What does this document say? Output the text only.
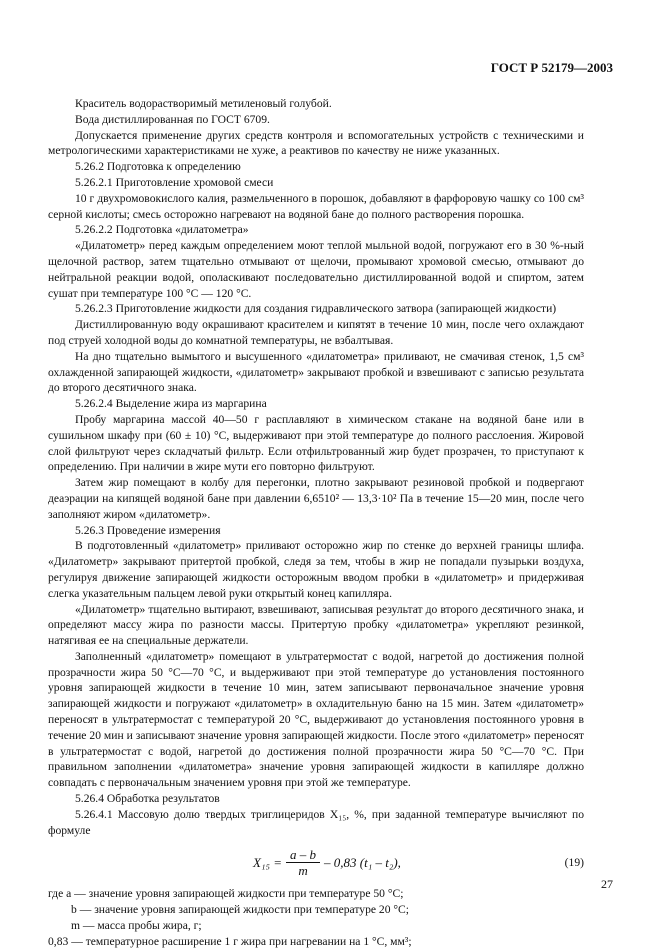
ГОСТ Р 52179—2003

Краситель водорастворимый метиленовый голубой.

Вода дистиллированная по ГОСТ 6709.

Допускается применение других средств контроля и вспомогательных устройств с техническими и метрологическими характеристиками не хуже, а реактивов по качеству не ниже указанных.

5.26.2 Подготовка к определению

5.26.2.1 Приготовление хромовой смеси

10 г двухромовокислого калия, размельченного в порошок, добавляют в фарфоровую чашку со 100 см³ серной кислоты; смесь осторожно нагревают на водяной бане до полного растворения порошка.

5.26.2.2 Подготовка «дилатометра»

«Дилатометр» перед каждым определением моют теплой мыльной водой, погружают его в 30 %-ный щелочной раствор, затем тщательно отмывают от щелочи, промывают хромовой смесью, отмывают до нейтральной реакции водой, ополаскивают последовательно дистиллированной водой и спиртом, затем сушат при температуре 100 °С — 120 °С.

5.26.2.3 Приготовление жидкости для создания гидравлического затвора (запирающей жидкости)

Дистиллированную воду окрашивают красителем и кипятят в течение 10 мин, после чего охлаждают под струей холодной воды до комнатной температуры, не взбалтывая.

На дно тщательно вымытого и высушенного «дилатометра» приливают, не смачивая стенок, 1,5 см³ охлажденной запирающей жидкости, «дилатометр» закрывают пробкой и взвешивают с записью результата до второго десятичного знака.

5.26.2.4 Выделение жира из маргарина

Пробу маргарина массой 40—50 г расплавляют в химическом стакане на водяной бане или в сушильном шкафу при (60 ± 10) °С, выдерживают при этой температуре до полного расслоения. Жировой слой фильтруют через складчатый фильтр. Если отфильтрованный жир будет прозрачен, то приступают к определению. При наличии в жире мути его повторно фильтруют.

Затем жир помещают в колбу для перегонки, плотно закрывают резиновой пробкой и подвергают деаэрации на кипящей водяной бане при давлении 6,6510² — 13,3·10² Па в течение 15—20 мин, после чего заполняют жиром «дилатометр».

5.26.3 Проведение измерения

В подготовленный «дилатометр» приливают осторожно жир по стенке до верхней границы шлифа. «Дилатометр» закрывают притертой пробкой, следя за тем, чтобы в жир не попадали пузырьки воздуха, регулируя движение запирающей жидкости осторожным вводом пробки в «дилатометр» и придерживая слегка указательным пальцем левой руки открытый конец капилляра.

«Дилатометр» тщательно вытирают, взвешивают, записывая результат до второго десятичного знака, и определяют массу жира по разности массы. Притертую пробку «дилатометра» укрепляют резинкой, натягивая ее на специальные держатели.

Заполненный «дилатометр» помещают в ультратермостат с водой, нагретой до достижения полной прозрачности жира 50 °С—70 °С, и выдерживают при этой температуре до установления постоянного уровня запирающей жидкости в течение 10 мин, затем записывают первоначальное значение уровня запирающей жидкости и погружают «дилатометр» в охладительную баню на 15 мин. Затем «дилатометр» переносят в ультратермостат с температурой 20 °С, выдерживают до установления постоянного уровня в течение 20 мин и записывают значение уровня запирающей жидкости. После этого «дилатометр» переносят в ультратермостат с водой, нагретой до достижения полной прозрачности жира 50 °С—70 °С. При правильном заполнении «дилатометра» значение уровня запирающей жидкости в капилляре должно совпадать с первоначальным значением уровня при этой же температуре.

5.26.4 Обработка результатов

5.26.4.1 Массовую долю твердых триглицеридов X₁₅, %, при заданной температуре вычисляют по формуле

$X_{15} = \frac{a - b}{m} - 0,83$ (t₁ – t₂),	(19)

где a — значение уровня запирающей жидкости при температуре 50 °С;

b — значение уровня запирающей жидкости при температуре 20 °С;

m — масса пробы жира, г;

0,83 — температурное расширение 1 г жира при нагревании на 1 °С, мм³;

27
